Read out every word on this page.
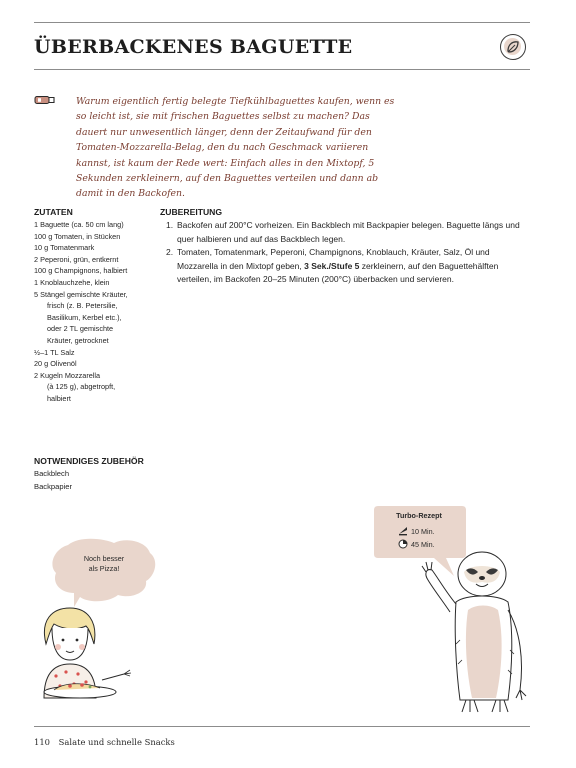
ÜBERBACKENES BAGUETTE
Warum eigentlich fertig belegte Tiefkühlbaguettes kaufen, wenn es so leicht ist, sie mit frischen Baguettes selbst zu machen? Das dauert nur unwesentlich länger, denn der Zeitaufwand für den Tomaten-Mozzarella-Belag, den du nach Geschmack variieren kannst, ist kaum der Rede wert: Einfach alles in den Mixtopf, 5 Sekunden zerkleinern, auf den Baguettes verteilen und dann ab damit in den Backofen.
ZUTATEN
1 Baguette (ca. 50 cm lang)
100 g Tomaten, in Stücken
10 g Tomatenmark
2 Peperoni, grün, entkernt
100 g Champignons, halbiert
1 Knoblauchzehe, klein
5 Stängel gemischte Kräuter,
frisch (z. B. Petersilie,
Basilikum, Kerbel etc.),
oder 2 TL gemischte
Kräuter, getrocknet
½–1 TL Salz
20 g Olivenöl
2 Kugeln Mozzarella
(à 125 g), abgetropft,
halbiert
ZUBEREITUNG
1. Backofen auf 200°C vorheizen. Ein Backblech mit Backpapier belegen. Baguette längs und quer halbieren und auf das Backblech legen.
2. Tomaten, Tomatenmark, Peperoni, Champignons, Knoblauch, Kräuter, Salz, Öl und Mozzarella in den Mixtopf geben, 3 Sek./Stufe 5 zerkleinern, auf den Baguettehälften verteilen, im Backofen 20–25 Minuten (200°C) überbacken und servieren.
NOTWENDIGES ZUBEHÖR
Backblech
Backpapier
Noch besser
als Pizza!
Turbo-Rezept
10 Min.
45 Min.
110 Salate und schnelle Snacks
